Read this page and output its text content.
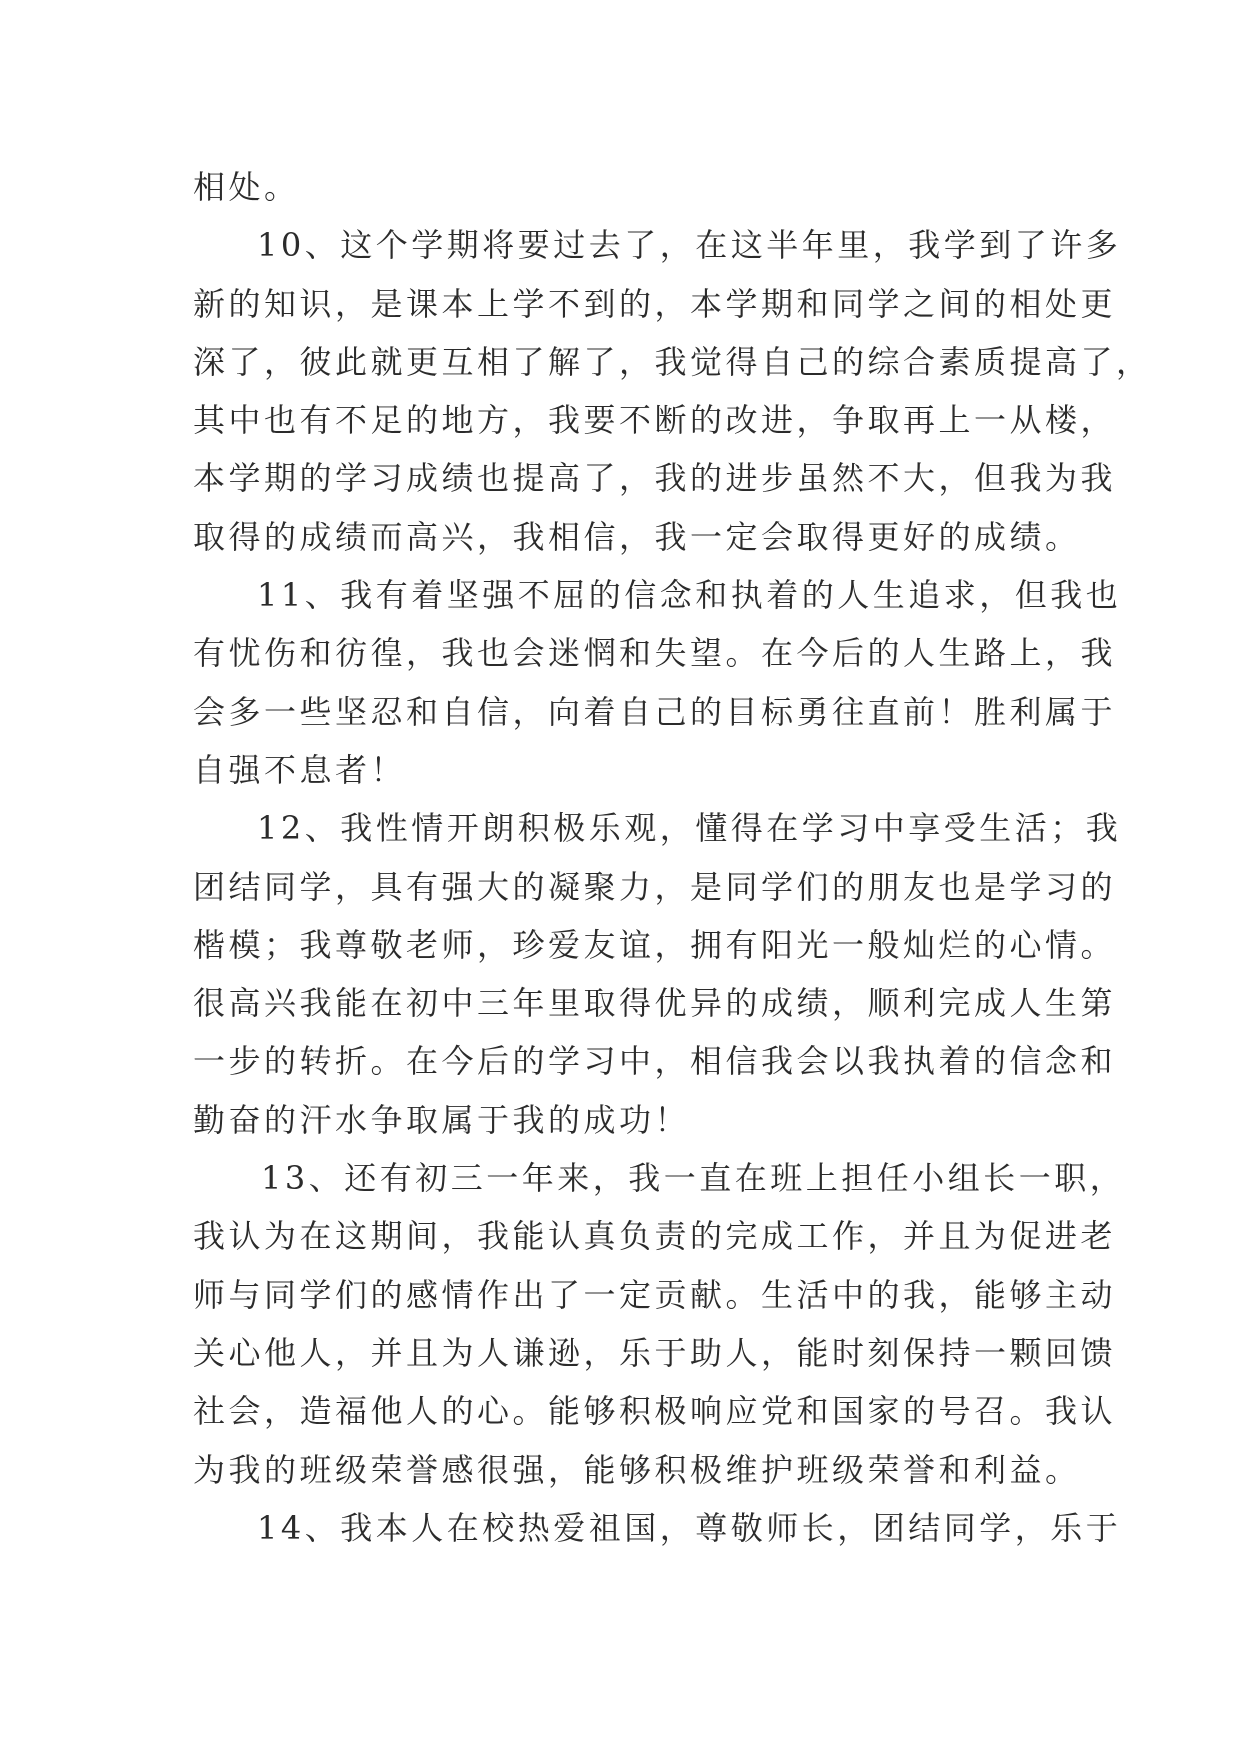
相处。
10、这个学期将要过去了，在这半年里，我学到了许多
新的知识，是课本上学不到的，本学期和同学之间的相处更
深了，彼此就更互相了解了，我觉得自己的综合素质提高了，
其中也有不足的地方，我要不断的改进，争取再上一从楼，
本学期的学习成绩也提高了，我的进步虽然不大，但我为我
取得的成绩而高兴，我相信，我一定会取得更好的成绩。
11、我有着坚强不屈的信念和执着的人生追求，但我也
有忧伤和彷徨，我也会迷惘和失望。在今后的人生路上，我
会多一些坚忍和自信，向着自己的目标勇往直前！胜利属于
自强不息者！
12、我性情开朗积极乐观，懂得在学习中享受生活；我
团结同学，具有强大的凝聚力，是同学们的朋友也是学习的
楷模；我尊敬老师，珍爱友谊，拥有阳光一般灿烂的心情。
很高兴我能在初中三年里取得优异的成绩，顺利完成人生第
一步的转折。在今后的学习中，相信我会以我执着的信念和
勤奋的汗水争取属于我的成功！
13、还有初三一年来，我一直在班上担任小组长一职，
我认为在这期间，我能认真负责的完成工作，并且为促进老
师与同学们的感情作出了一定贡献。生活中的我，能够主动
关心他人，并且为人谦逊，乐于助人，能时刻保持一颗回馈
社会，造福他人的心。能够积极响应党和国家的号召。我认
为我的班级荣誉感很强，能够积极维护班级荣誉和利益。
14、我本人在校热爱祖国，尊敬师长，团结同学，乐于
